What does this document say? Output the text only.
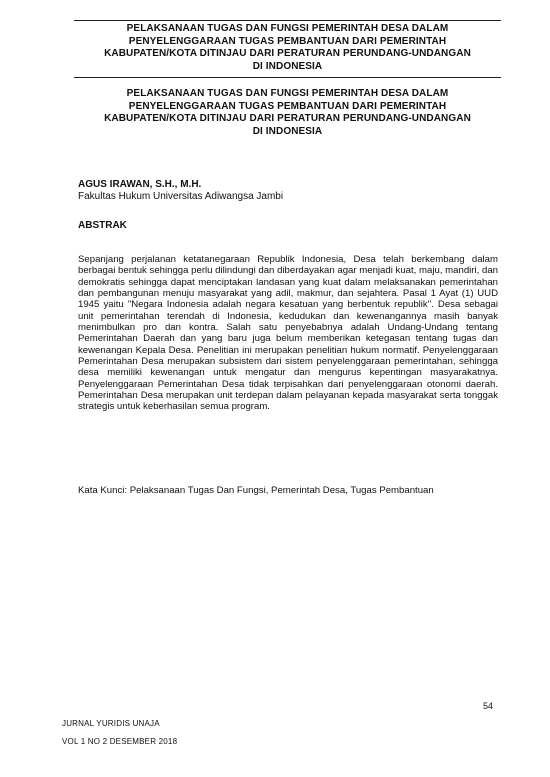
PELAKSANAAN TUGAS DAN FUNGSI PEMERINTAH DESA DALAM
PENYELENGGARAAN TUGAS PEMBANTUAN DARI PEMERINTAH
KABUPATEN/KOTA DITINJAU DARI PERATURAN PERUNDANG-UNDANGAN
DI INDONESIA
PELAKSANAAN TUGAS DAN FUNGSI PEMERINTAH DESA DALAM
PENYELENGGARAAN TUGAS PEMBANTUAN DARI PEMERINTAH
KABUPATEN/KOTA DITINJAU DARI PERATURAN PERUNDANG-UNDANGAN
DI INDONESIA
AGUS IRAWAN, S.H., M.H.
Fakultas Hukum Universitas Adiwangsa Jambi
ABSTRAK

Sepanjang perjalanan ketatanegaraan Republik Indonesia, Desa telah berkembang dalam berbagai bentuk sehingga perlu dilindungi dan diberdayakan agar menjadi kuat, maju, mandiri, dan demokratis sehingga dapat menciptakan landasan yang kuat dalam melaksanakan pemerintahan dan pembangunan menuju masyarakat yang adil, makmur, dan sejahtera. Pasal 1 Ayat (1) UUD 1945 yaitu "Negara Indonesia adalah negara kesatuan yang berbentuk republik". Desa sebagai unit pemerintahan terendah di Indonesia, kedudukan dan kewenangannya masih banyak menimbulkan pro dan kontra. Salah satu penyebabnya adalah Undang-Undang tentang Pemerintahan Daerah dan yang baru juga belum memberikan ketegasan tentang tugas dan kewenangan Kepala Desa. Penelitian ini merupakan penelitian hukum normatif. Penyelenggaraan Pemerintahan Desa merupakan subsistem dari sistem penyelenggaraan pemerintahan, sehingga desa memiliki kewenangan untuk mengatur dan mengurus kepentingan masyarakatnya. Penyelenggaraan Pemerintahan Desa tidak terpisahkan dari penyelenggaraan otonomi daerah. Pemerintahan Desa merupakan unit terdepan dalam pelayanan kepada masyarakat serta tonggak strategis untuk keberhasilan semua program.

Kata Kunci: Pelaksanaan Tugas Dan Fungsi, Pemerintah Desa, Tugas Pembantuan
54
JURNAL YURIDIS UNAJA
VOL 1 NO 2 DESEMBER 2018
